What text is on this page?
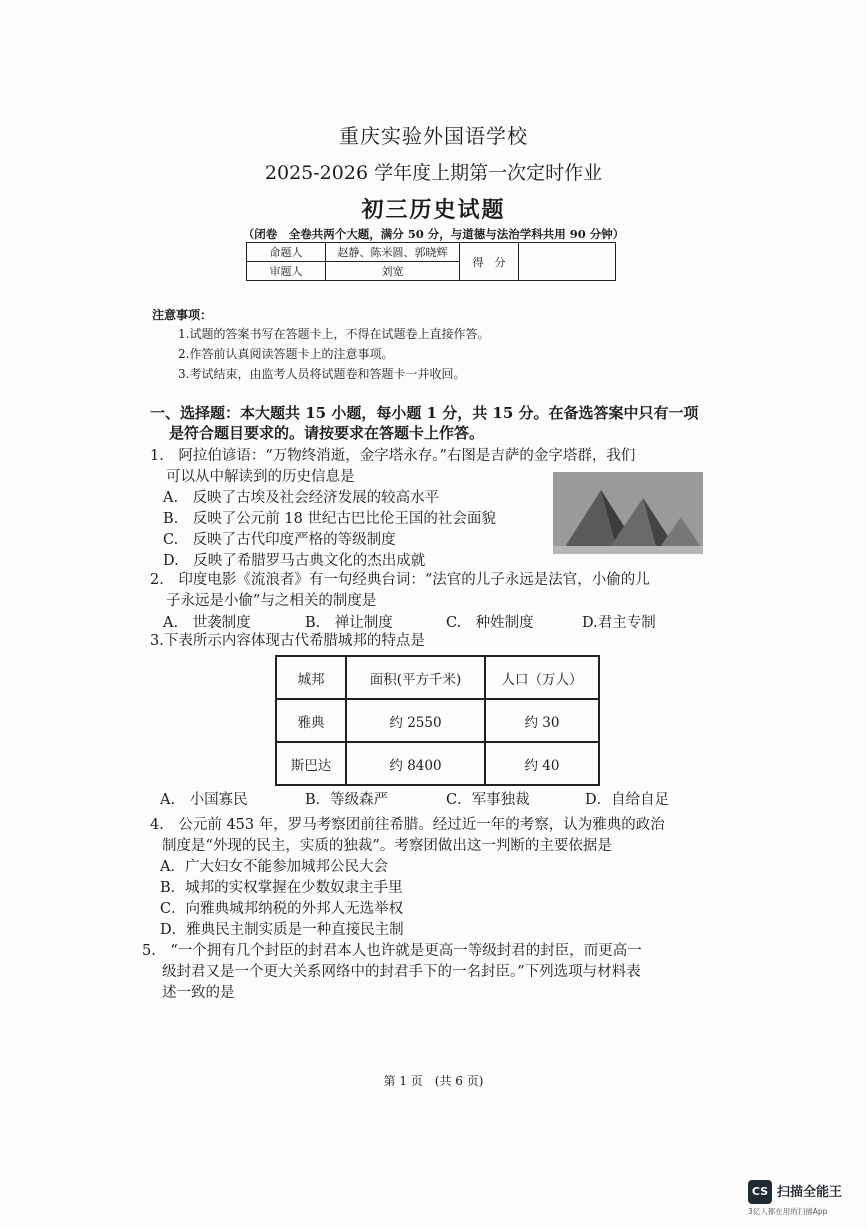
重庆实验外国语学校
2025-2026 学年度上期第一次定时作业
初三历史试题
（闭卷　全卷共两个大题，满分 50 分，与道德与法治学科共用 90 分钟）
命题人	赵静、陈米圆、郭晓辉	得　分	
审题人	刘宽		
注意事项：
1.试题的答案书写在答题卡上，不得在试题卷上直接作答。
2.作答前认真阅读答题卡上的注意事项。
3.考试结束，由监考人员将试题卷和答题卡一并收回。
一、选择题：本大题共 15 小题，每小题 1 分，共 15 分。在备选答案中只有一项
是符合题目要求的。请按要求在答题卡上作答。
1.　阿拉伯谚语：“万物终消逝，金字塔永存。”右图是吉萨的金字塔群，我们
可以从中解读到的历史信息是
A.　反映了古埃及社会经济发展的较高水平
B.　反映了公元前 18 世纪古巴比伦王国的社会面貌
C.　反映了古代印度严格的等级制度
D.　反映了希腊罗马古典文化的杰出成就
2.　印度电影《流浪者》有一句经典台词：“法官的儿子永远是法官，小偷的儿
子永远是小偷”与之相关的制度是
A.　世袭制度	B.　禅让制度	C.　种姓制度	D.君主专制
3.下表所示内容体现古代希腊城邦的特点是
城邦	面积(平方千米)	人口（万人）
雅典	约 2550	约 30
斯巴达	约 8400	约 40
A.　小国寡民	B．等级森严	C．军事独裁	D．自给自足
4.　公元前 453 年，罗马考察团前往希腊。经过近一年的考察，认为雅典的政治
制度是“外现的民主，实质的独裁”。考察团做出这一判断的主要依据是
A．广大妇女不能参加城邦公民大会
B．城邦的实权掌握在少数奴隶主手里
C．向雅典城邦纳税的外邦人无选举权
D．雅典民主制实质是一种直接民主制
5.　“一个拥有几个封臣的封君本人也许就是更高一等级封君的封臣，而更高一
级封君又是一个更大关系网络中的封君手下的一名封臣。”下列选项与材料表
述一致的是
第 1 页　(共 6 页)
CS 扫描全能王
3亿人都在用的扫描App
